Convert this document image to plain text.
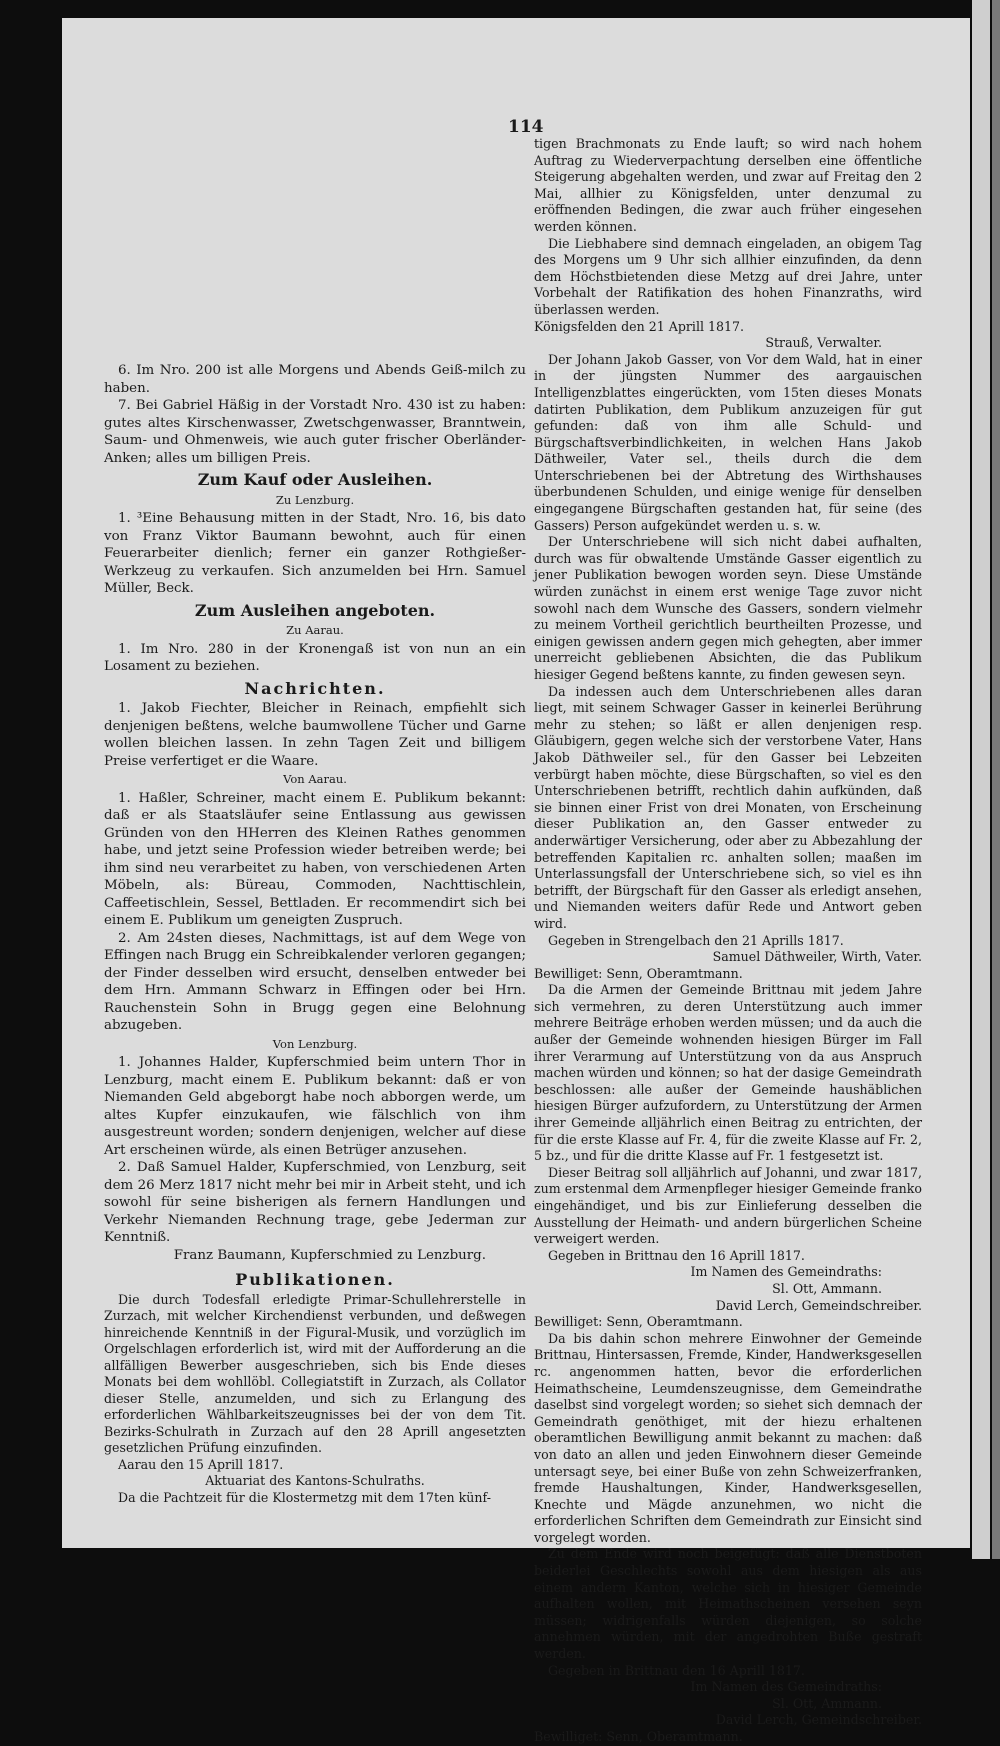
114

6. Im Nro. 200 ist alle Morgens und Abends Geiß-milch zu haben.

7. Bei Gabriel Häßig in der Vorstadt Nro. 430 ist zu haben: gutes altes Kirschenwasser, Zwetschgenwasser, Branntwein, Saum- und Ohmenweis, wie auch guter frischer Oberländer-Anken; alles um billigen Preis.

Zum Kauf oder Ausleihen.

Zu Lenzburg.

1. ³Eine Behausung mitten in der Stadt, Nro. 16, bis dato von Franz Viktor Baumann bewohnt, auch für einen Feuerarbeiter dienlich; ferner ein ganzer Rothgießer-Werkzeug zu verkaufen. Sich anzumelden bei Hrn. Samuel Müller, Beck.

Zum Ausleihen angeboten.

Zu Aarau.

1. Im Nro. 280 in der Kronengaß ist von nun an ein Losament zu beziehen.

Nachrichten.

1. Jakob Fiechter, Bleicher in Reinach, empfiehlt sich denjenigen beßtens, welche baumwollene Tücher und Garne wollen bleichen lassen. In zehn Tagen Zeit und billigem Preise verfertiget er die Waare.

Von Aarau.

1. Haßler, Schreiner, macht einem E. Publikum bekannt: daß er als Staatsläufer seine Entlassung aus gewissen Gründen von den HHerren des Kleinen Rathes genommen habe, und jetzt seine Profession wieder betreiben werde; bei ihm sind neu verarbeitet zu haben, von verschiedenen Arten Möbeln, als: Büreau, Commoden, Nachttischlein, Caffeetischlein, Sessel, Bettladen. Er recommendirt sich bei einem E. Publikum um geneigten Zuspruch.

2. Am 24sten dieses, Nachmittags, ist auf dem Wege von Effingen nach Brugg ein Schreibkalender verloren gegangen; der Finder desselben wird ersucht, denselben entweder bei dem Hrn. Ammann Schwarz in Effingen oder bei Hrn. Rauchenstein Sohn in Brugg gegen eine Belohnung abzugeben.

Von Lenzburg.

1. Johannes Halder, Kupferschmied beim untern Thor in Lenzburg, macht einem E. Publikum bekannt: daß er von Niemanden Geld abgeborgt habe noch abborgen werde, um altes Kupfer einzukaufen, wie fälschlich von ihm ausgestreunt worden; sondern denjenigen, welcher auf diese Art erscheinen würde, als einen Betrüger anzusehen.

2. Daß Samuel Halder, Kupferschmied, von Lenzburg, seit dem 26 Merz 1817 nicht mehr bei mir in Arbeit steht, und ich sowohl für seine bisherigen als fernern Handlungen und Verkehr Niemanden Rechnung trage, gebe Jederman zur Kenntniß.

Franz Baumann, Kupferschmied zu Lenzburg.

Publikationen.

Die durch Todesfall erledigte Primar-Schullehrerstelle in Zurzach, mit welcher Kirchendienst verbunden, und deßwegen hinreichende Kenntniß in der Figural-Musik, und vorzüglich im Orgelschlagen erforderlich ist, wird mit der Aufforderung an die allfälligen Bewerber ausgeschrieben, sich bis Ende dieses Monats bei dem wohllöbl. Collegiatstift in Zurzach, als Collator dieser Stelle, anzumelden, und sich zu Erlangung des erforderlichen Wählbarkeitszeugnisses bei der von dem Tit. Bezirks-Schulrath in Zurzach auf den 28 Aprill angesetzten gesetzlichen Prüfung einzufinden.

Aarau den 15 Aprill 1817.

Aktuariat des Kantons-Schulraths.

Da die Pachtzeit für die Klostermetzg mit dem 17ten künf-

tigen Brachmonats zu Ende lauft; so wird nach hohem Auftrag zu Wiederverpachtung derselben eine öffentliche Steigerung abgehalten werden, und zwar auf Freitag den 2 Mai, allhier zu Königsfelden, unter denzumal zu eröffnenden Bedingen, die zwar auch früher eingesehen werden können.

Die Liebhabere sind demnach eingeladen, an obigem Tag des Morgens um 9 Uhr sich allhier einzufinden, da denn dem Höchstbietenden diese Metzg auf drei Jahre, unter Vorbehalt der Ratifikation des hohen Finanzraths, wird überlassen werden.

Königsfelden den 21 Aprill 1817.

Strauß, Verwalter.

Der Johann Jakob Gasser, von Vor dem Wald, hat in einer in der jüngsten Nummer des aargauischen Intelligenzblattes eingerückten, vom 15ten dieses Monats datirten Publikation, dem Publikum anzuzeigen für gut gefunden: daß von ihm alle Schuld- und Bürgschaftsverbindlichkeiten, in welchen Hans Jakob Däthweiler, Vater sel., theils durch die dem Unterschriebenen bei der Abtretung des Wirthshauses überbundenen Schulden, und einige wenige für denselben eingegangene Bürgschaften gestanden hat, für seine (des Gassers) Person aufgekündet werden u. s. w.

Der Unterschriebene will sich nicht dabei aufhalten, durch was für obwaltende Umstände Gasser eigentlich zu jener Publikation bewogen worden seyn. Diese Umstände würden zunächst in einem erst wenige Tage zuvor nicht sowohl nach dem Wunsche des Gassers, sondern vielmehr zu meinem Vortheil gerichtlich beurtheilten Prozesse, und einigen gewissen andern gegen mich gehegten, aber immer unerreicht gebliebenen Absichten, die das Publikum hiesiger Gegend beßtens kannte, zu finden gewesen seyn.

Da indessen auch dem Unterschriebenen alles daran liegt, mit seinem Schwager Gasser in keinerlei Berührung mehr zu stehen; so läßt er allen denjenigen resp. Gläubigern, gegen welche sich der verstorbene Vater, Hans Jakob Däthweiler sel., für den Gasser bei Lebzeiten verbürgt haben möchte, diese Bürgschaften, so viel es den Unterschriebenen betrifft, rechtlich dahin aufkünden, daß sie binnen einer Frist von drei Monaten, von Erscheinung dieser Publikation an, den Gasser entweder zu anderwärtiger Versicherung, oder aber zu Abbezahlung der betreffenden Kapitalien rc. anhalten sollen; maaßen im Unterlassungsfall der Unterschriebene sich, so viel es ihn betrifft, der Bürgschaft für den Gasser als erledigt ansehen, und Niemanden weiters dafür Rede und Antwort geben wird.

Gegeben in Strengelbach den 21 Aprills 1817.

Samuel Däthweiler, Wirth, Vater.

Bewilliget: Senn, Oberamtmann.

Da die Armen der Gemeinde Brittnau mit jedem Jahre sich vermehren, zu deren Unterstützung auch immer mehrere Beiträge erhoben werden müssen; und da auch die außer der Gemeinde wohnenden hiesigen Bürger im Fall ihrer Verarmung auf Unterstützung von da aus Anspruch machen würden und können; so hat der dasige Gemeindrath beschlossen: alle außer der Gemeinde haushäblichen hiesigen Bürger aufzufordern, zu Unterstützung der Armen ihrer Gemeinde alljährlich einen Beitrag zu entrichten, der für die erste Klasse auf Fr. 4, für die zweite Klasse auf Fr. 2, 5 bz., und für die dritte Klasse auf Fr. 1 festgesetzt ist.

Dieser Beitrag soll alljährlich auf Johanni, und zwar 1817, zum erstenmal dem Armenpfleger hiesiger Gemeinde franko eingehändiget, und bis zur Einlieferung desselben die Ausstellung der Heimath- und andern bürgerlichen Scheine verweigert werden.

Gegeben in Brittnau den 16 Aprill 1817.

Im Namen des Gemeindraths:

Sl. Ott, Ammann.

David Lerch, Gemeindschreiber.

Bewilliget: Senn, Oberamtmann.

Da bis dahin schon mehrere Einwohner der Gemeinde Brittnau, Hintersassen, Fremde, Kinder, Handwerksgesellen rc. angenommen hatten, bevor die erforderlichen Heimathscheine, Leumdenszeugnisse, dem Gemeindrathe daselbst sind vorgelegt worden; so siehet sich demnach der Gemeindrath genöthiget, mit der hiezu erhaltenen oberamtlichen Bewilligung anmit bekannt zu machen: daß von dato an allen und jeden Einwohnern dieser Gemeinde untersagt seye, bei einer Buße von zehn Schweizerfranken, fremde Haushaltungen, Kinder, Handwerksgesellen, Knechte und Mägde anzunehmen, wo nicht die erforderlichen Schriften dem Gemeindrath zur Einsicht sind vorgelegt worden.

Zu dem Ende wird noch beigefügt: daß alle Dienstboten beiderlei Geschlechts sowohl aus dem hiesigen als aus einem andern Kanton, welche sich in hiesiger Gemeinde aufhalten wollen, mit Heimathscheinen versehen seyn müssen; widrigenfalls würden diejenigen, so solche annehmen würden, mit der angedrohten Buße gestraft werden.

Gegeben in Brittnau den 16 Aprill 1817.

Im Namen des Gemeindraths:

Sl. Ott, Ammann.

David Lerch, Gemeindschreiber.

Bewilliget: Senn, Oberamtmann.
